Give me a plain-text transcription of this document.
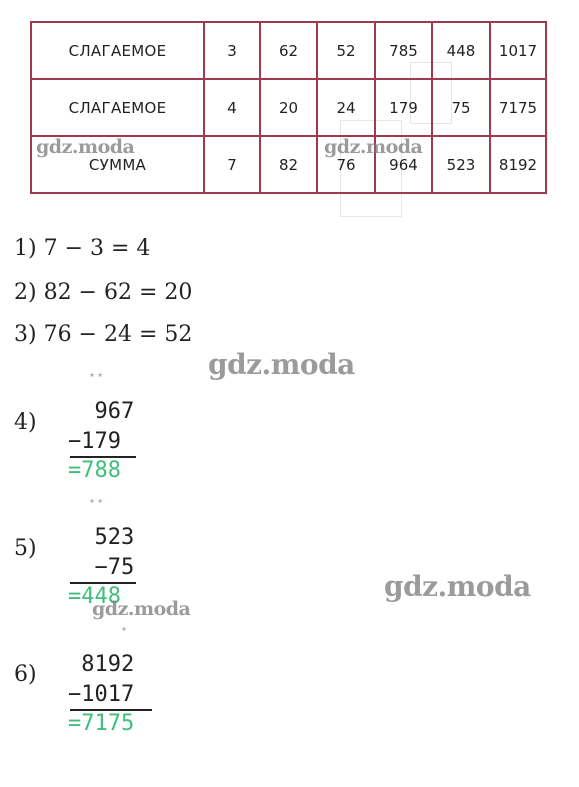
СЛАГАЕМОЕ	3	62	52	785	448	1017
СЛАГАЕМОЕ	4	20	24	179	75	7175
СУММА	7	82	76	964	523	8192
gdz.moda	gdz.moda
1) 7 − 3 = 4
2) 82 − 62 = 20
3) 76 − 24 = 52
gdz.moda
⋆⋆
4) 967
−179
=788
⋆⋆
5) 523
−75
=448
gdz.moda
gdz.moda
⋆
6) 8192
−1017
=7175
